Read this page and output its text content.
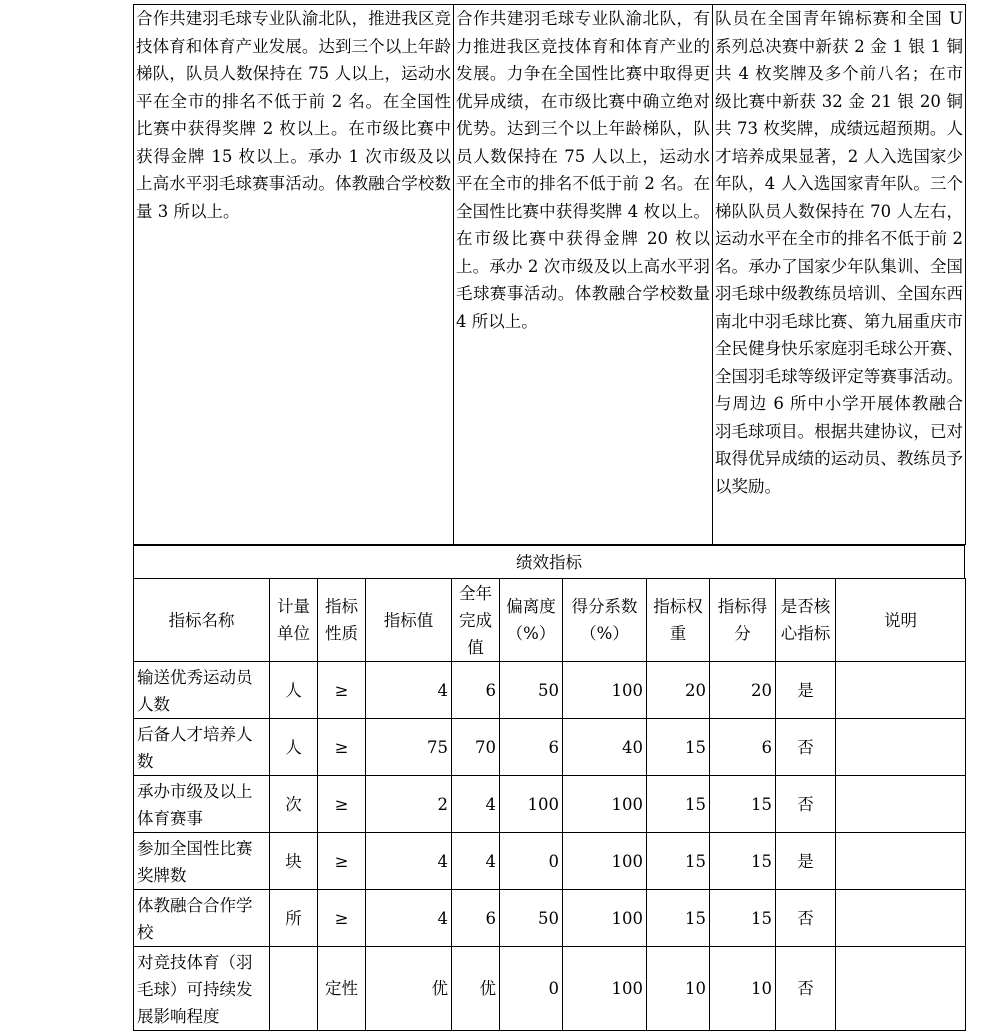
合作共建羽毛球专业队渝北队，推进我区竞技体育和体育产业发展。达到三个以上年龄梯队，队员人数保持在 75 人以上，运动水平在全市的排名不低于前 2 名。在全国性比赛中获得奖牌 2 枚以上。在市级比赛中获得金牌 15 枚以上。承办 1 次市级及以上高水平羽毛球赛事活动。体教融合学校数量 3 所以上。	合作共建羽毛球专业队渝北队，有力推进我区竞技体育和体育产业的发展。力争在全国性比赛中取得更优异成绩，在市级比赛中确立绝对优势。达到三个以上年龄梯队，队员人数保持在 75 人以上，运动水平在全市的排名不低于前 2 名。在全国性比赛中获得奖牌 4 枚以上。在市级比赛中获得金牌 20 枚以上。承办 2 次市级及以上高水平羽毛球赛事活动。体教融合学校数量 4 所以上。	队员在全国青年锦标赛和全国 U 系列总决赛中新获 2 金 1 银 1 铜共 4 枚奖牌及多个前八名；在市级比赛中新获 32 金 21 银 20 铜共 73 枚奖牌，成绩远超预期。人才培养成果显著，2 人入选国家少年队，4 人入选国家青年队。三个梯队队员人数保持在 70 人左右，运动水平在全市的排名不低于前 2 名。承办了国家少年队集训、全国羽毛球中级教练员培训、全国东西南北中羽毛球比赛、第九届重庆市全民健身快乐家庭羽毛球公开赛、全国羽毛球等级评定等赛事活动。与周边 6 所中小学开展体教融合羽毛球项目。根据共建协议，已对取得优异成绩的运动员、教练员予以奖励。
绩效指标
指标名称	计量单位	指标性质	指标值	全年完成值	偏离度（%）	得分系数（%）	指标权重	指标得分	是否核心指标	说明
输送优秀运动员人数	人	≥	4	6	50	100	20	20	是	
后备人才培养人数	人	≥	75	70	6	40	15	6	否	
承办市级及以上体育赛事	次	≥	2	4	100	100	15	15	否	
参加全国性比赛奖牌数	块	≥	4	4	0	100	15	15	是	
体教融合合作学校	所	≥	4	6	50	100	15	15	否	
对竞技体育（羽毛球）可持续发展影响程度		定性	优	优	0	100	10	10	否	
